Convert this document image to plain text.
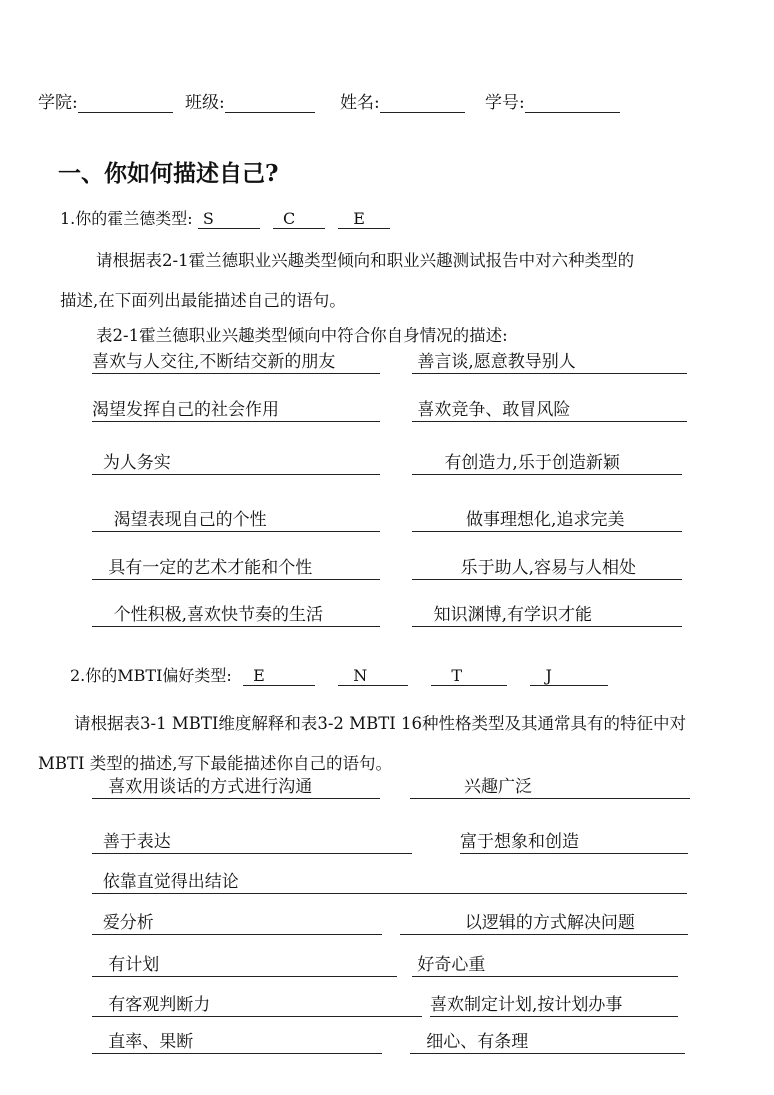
学院:	班级:	姓名:	学号:
一、你如何描述自己?
1.你的霍兰德类型: S	C	E
请根据表2-1霍兰德职业兴趣类型倾向和职业兴趣测试报告中对六种类型的
描述,在下面列出最能描述自己的语句。
表2-1霍兰德职业兴趣类型倾向中符合你自身情况的描述:
喜欢与人交往,不断结交新的朋友	善言谈,愿意教导别人
渴望发挥自己的社会作用	喜欢竞争、敢冒风险
为人务实	有创造力,乐于创造新颖
渴望表现自己的个性	做事理想化,追求完美
具有一定的艺术才能和个性	乐于助人,容易与人相处
个性积极,喜欢快节奏的生活	知识渊博,有学识才能
2.你的MBTI偏好类型: E	N	T	J
请根据表3-1 MBTI维度解释和表3-2 MBTI 16种性格类型及其通常具有的特征中对
MBTI 类型的描述,写下最能描述你自己的语句。
喜欢用谈话的方式进行沟通	兴趣广泛
善于表达	富于想象和创造
依靠直觉得出结论
爱分析	以逻辑的方式解决问题
有计划	好奇心重
有客观判断力	喜欢制定计划,按计划办事
直率、果断	细心、有条理
